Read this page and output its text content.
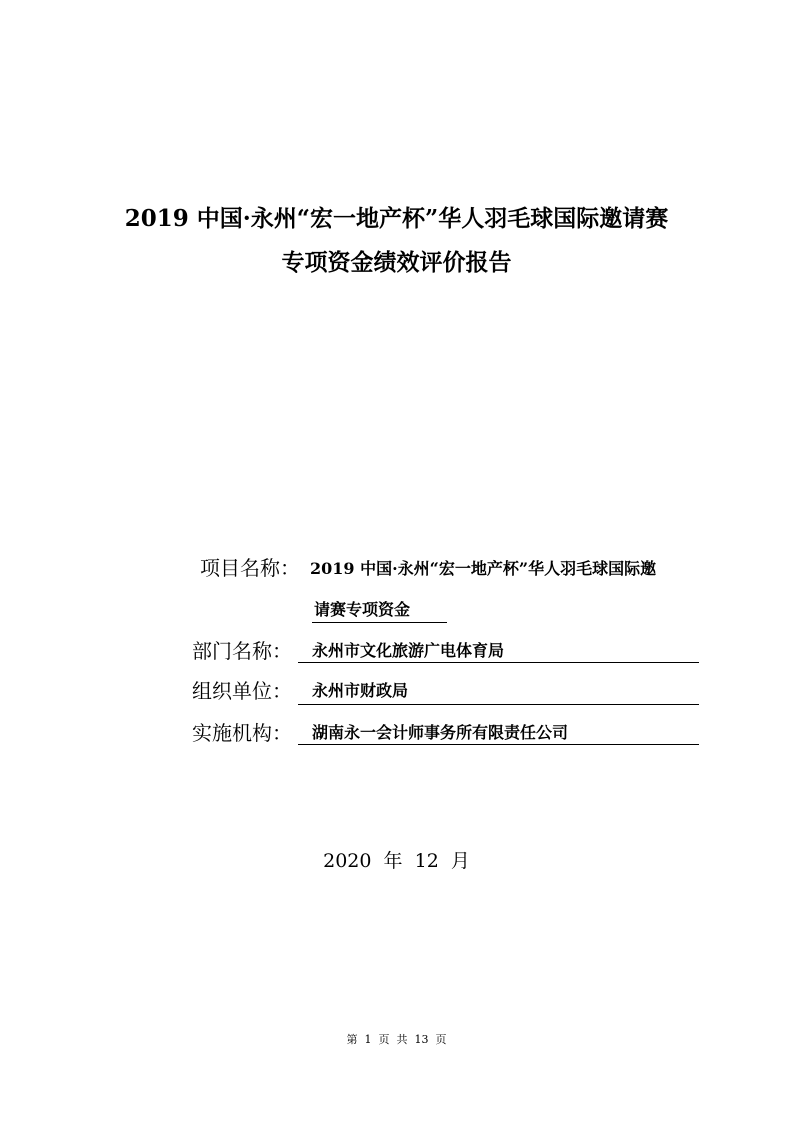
2019 中国·永州“宏一地产杯”华人羽毛球国际邀请赛
专项资金绩效评价报告
项目名称： 2019 中国·永州“宏一地产杯”华人羽毛球国际邀
请赛专项资金
部门名称： 永州市文化旅游广电体育局
组织单位： 永州市财政局
实施机构： 湖南永一会计师事务所有限责任公司
2020  年  12  月
第  1  页  共  13  页
